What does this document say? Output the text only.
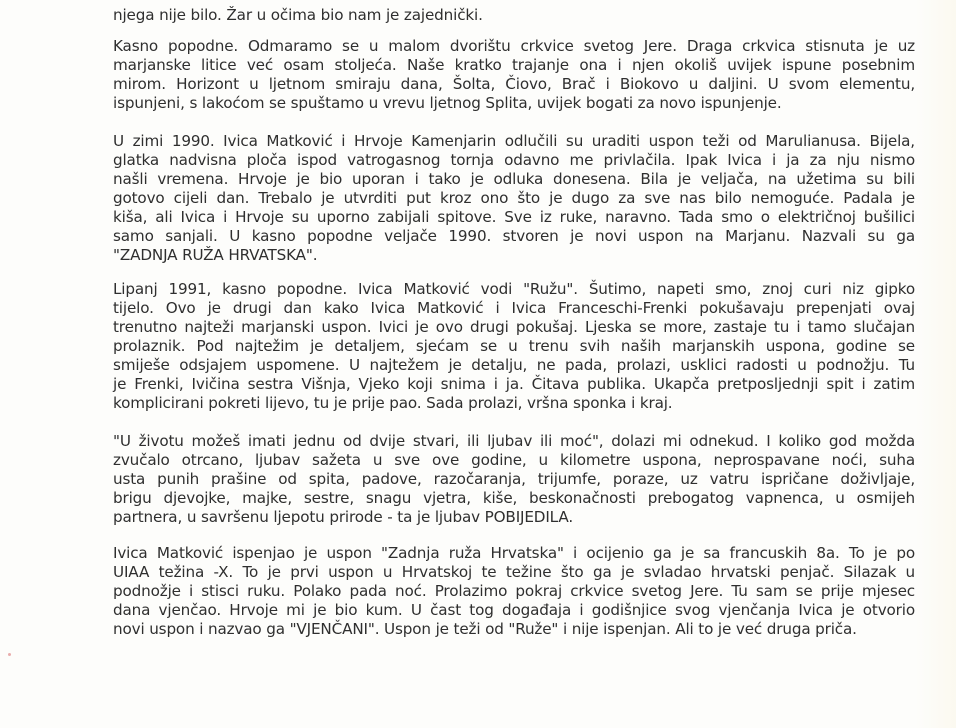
njega nije bilo. Žar u očima bio nam je zajednički.
Kasno popodne. Odmaramo se u malom dvorištu crkvice svetog Jere. Draga crkvica stisnuta je uz
marjanske litice već osam stoljeća. Naše kratko trajanje ona i njen okoliš uvijek ispune posebnim
mirom. Horizont u ljetnom smiraju dana, Šolta, Čiovo, Brač i Biokovo u daljini. U svom elementu,
ispunjeni, s lakoćom se spuštamo u vrevu ljetnog Splita, uvijek bogati za novo ispunjenje.
U zimi 1990. Ivica Matković i Hrvoje Kamenjarin odlučili su uraditi uspon teži od Marulianusa. Bijela,
glatka nadvisna ploča ispod vatrogasnog tornja odavno me privlačila. Ipak Ivica i ja za nju nismo
našli vremena. Hrvoje je bio uporan i tako je odluka donesena. Bila je veljača, na užetima su bili
gotovo cijeli dan. Trebalo je utvrditi put kroz ono što je dugo za sve nas bilo nemoguće. Padala je
kiša, ali Ivica i Hrvoje su uporno zabijali spitove. Sve iz ruke, naravno. Tada smo o električnoj bušilici
samo sanjali. U kasno popodne veljače 1990. stvoren je novi uspon na Marjanu. Nazvali su ga
"ZADNJA RUŽA HRVATSKA".
Lipanj 1991, kasno popodne. Ivica Matković vodi "Ružu". Šutimo, napeti smo, znoj curi niz gipko
tijelo. Ovo je drugi dan kako Ivica Matković i Ivica Franceschi-Frenki pokušavaju prepenjati ovaj
trenutno najteži marjanski uspon. Ivici je ovo drugi pokušaj. Ljeska se more, zastaje tu i tamo slučajan
prolaznik. Pod najtežim je detaljem, sjećam se u trenu svih naših marjanskih uspona, godine se
smiješe odsjajem uspomene. U najtežem je detalju, ne pada, prolazi, usklici radosti u podnožju. Tu
je Frenki, Ivičina sestra Višnja, Vjeko koji snima i ja. Čitava publika. Ukapča pretposljednji spit i zatim
komplicirani pokreti lijevo, tu je prije pao. Sada prolazi, vršna sponka i kraj.
"U životu možeš imati jednu od dvije stvari, ili ljubav ili moć", dolazi mi odnekud. I koliko god možda
zvučalo otrcano, ljubav sažeta u sve ove godine, u kilometre uspona, neprospavane noći, suha
usta punih prašine od spita, padove, razočaranja, trijumfe, poraze, uz vatru ispričane doživljaje,
brigu djevojke, majke, sestre, snagu vjetra, kiše, beskonačnosti prebogatog vapnenca, u osmijeh
partnera, u savršenu ljepotu prirode - ta je ljubav POBIJEDILA.
Ivica Matković ispenjao je uspon "Zadnja ruža Hrvatska" i ocijenio ga je sa francuskih 8a. To je po
UIAA težina -X. To je prvi uspon u Hrvatskoj te težine što ga je svladao hrvatski penjač. Silazak u
podnožje i stisci ruku. Polako pada noć. Prolazimo pokraj crkvice svetog Jere. Tu sam se prije mjesec
dana vjenčao. Hrvoje mi je bio kum. U čast tog događaja i godišnjice svog vjenčanja Ivica je otvorio
novi uspon i nazvao ga "VJENČANI". Uspon je teži od "Ruže" i nije ispenjan. Ali to je već druga priča.
